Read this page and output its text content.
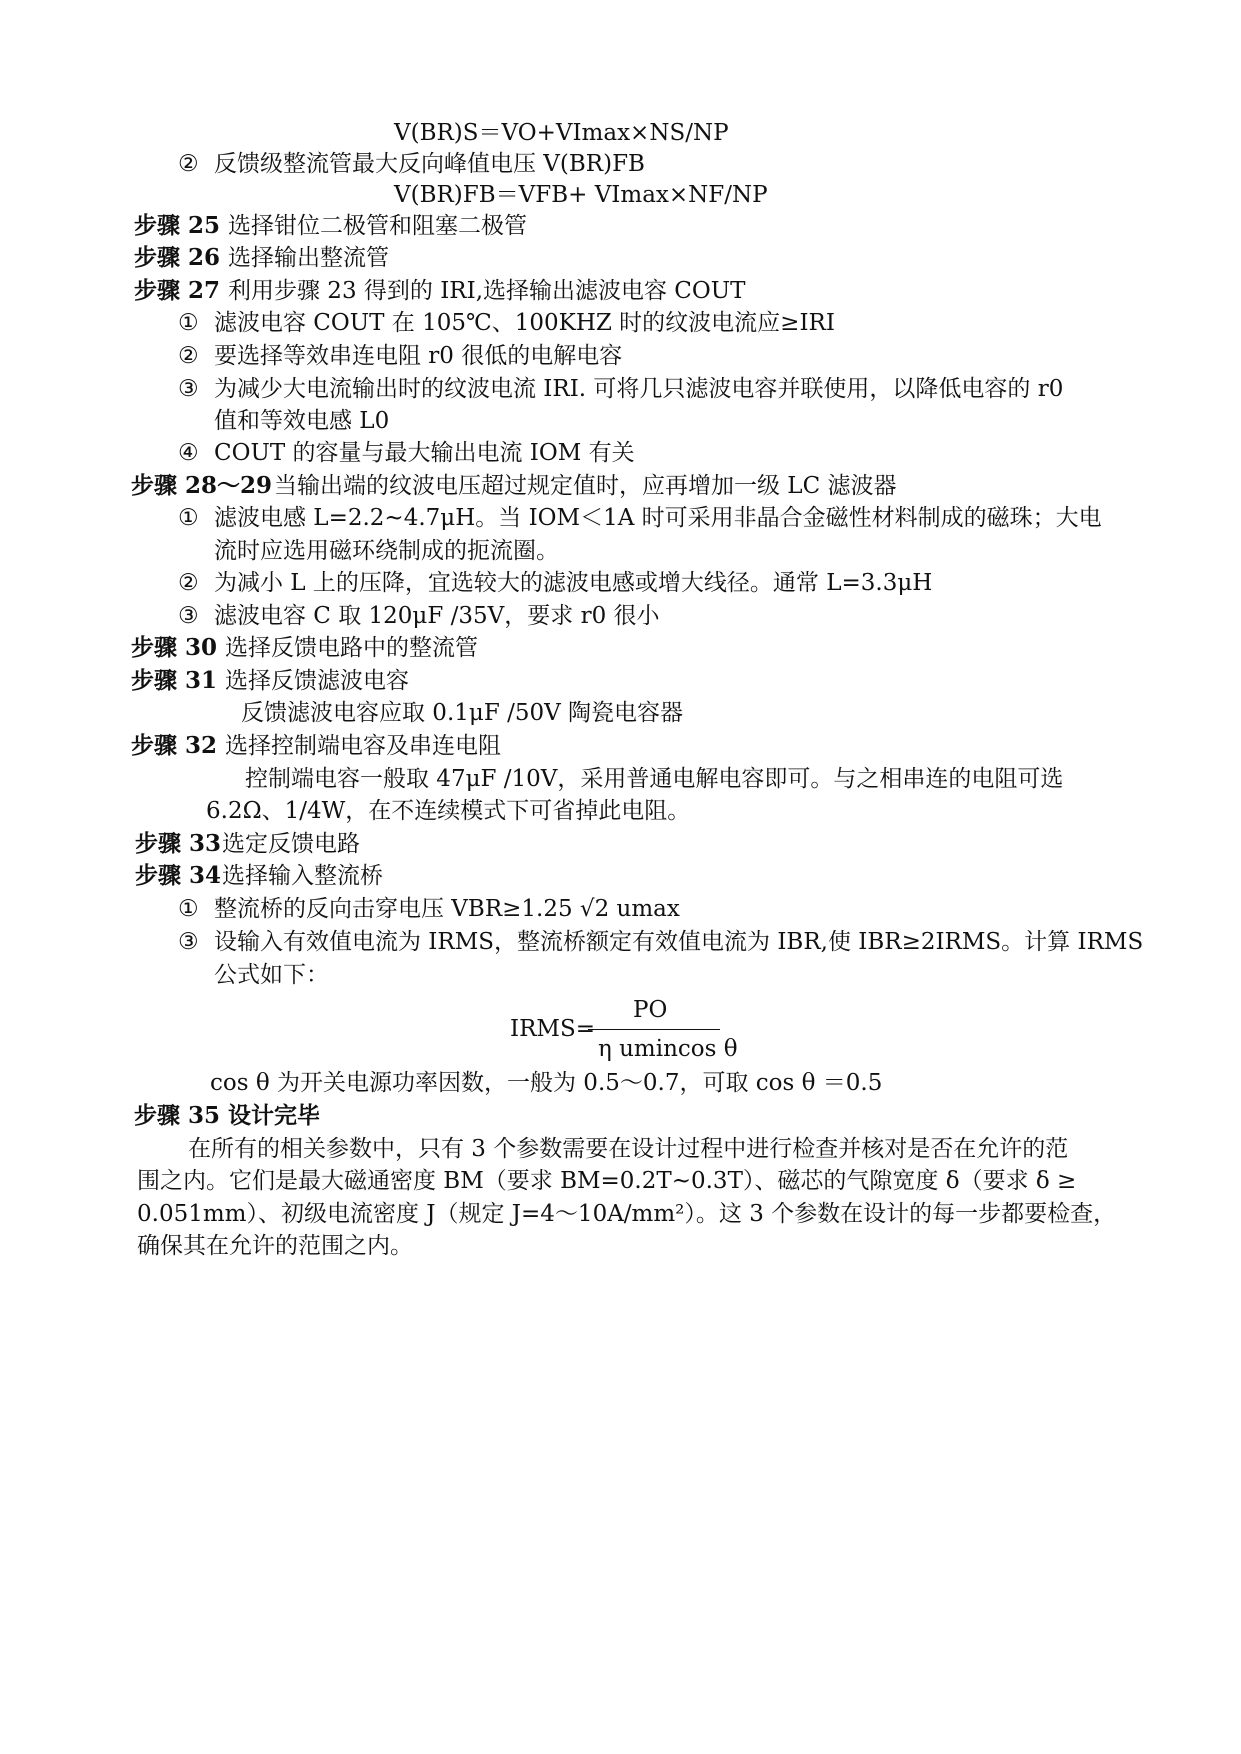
V(BR)S＝VO+VImax×NS/NP
② 反馈级整流管最大反向峰值电压 V(BR)FB
V(BR)FB＝VFB+ VImax×NF/NP
步骤 25 选择钳位二极管和阻塞二极管
步骤 26 选择输出整流管
步骤 27 利用步骤 23 得到的 IRI,选择输出滤波电容 COUT
① 滤波电容 COUT 在 105℃、100KHZ 时的纹波电流应≥IRI
② 要选择等效串连电阻 r0 很低的电解电容
③ 为减少大电流输出时的纹波电流 IRI. 可将几只滤波电容并联使用，以降低电容的 r0
值和等效电感 L0
④ COUT 的容量与最大输出电流 IOM 有关
步骤 28～29 当输出端的纹波电压超过规定值时，应再增加一级 LC 滤波器
① 滤波电感 L=2.2~4.7μH。当 IOM＜1A 时可采用非晶合金磁性材料制成的磁珠；大电
流时应选用磁环绕制成的扼流圈。
② 为减小 L 上的压降，宜选较大的滤波电感或增大线径。通常 L=3.3μH
③ 滤波电容 C 取 120μF /35V，要求 r0 很小
步骤 30 选择反馈电路中的整流管
步骤 31 选择反馈滤波电容
反馈滤波电容应取 0.1μF /50V 陶瓷电容器
步骤 32 选择控制端电容及串连电阻
控制端电容一般取 47μF /10V，采用普通电解电容即可。与之相串连的电阻可选
6.2Ω、1/4W，在不连续模式下可省掉此电阻。
步骤 33 选定反馈电路
步骤 34 选择输入整流桥
① 整流桥的反向击穿电压 VBR≥1.25 √2 umax
③ 设输入有效值电流为 IRMS，整流桥额定有效值电流为 IBR,使 IBR≥2IRMS。计算 IRMS
公式如下：
IRMS=
PO
η umincos θ
cos θ 为开关电源功率因数，一般为 0.5～0.7，可取 cos θ ＝0.5
步骤 35 设计完毕
在所有的相关参数中，只有 3 个参数需要在设计过程中进行检查并核对是否在允许的范
围之内。它们是最大磁通密度 BM（要求 BM=0.2T~0.3T）、磁芯的气隙宽度 δ（要求 δ ≥
0.051mm）、初级电流密度 J（规定 J=4～10A/mm²）。这 3 个参数在设计的每一步都要检查，
确保其在允许的范围之内。
